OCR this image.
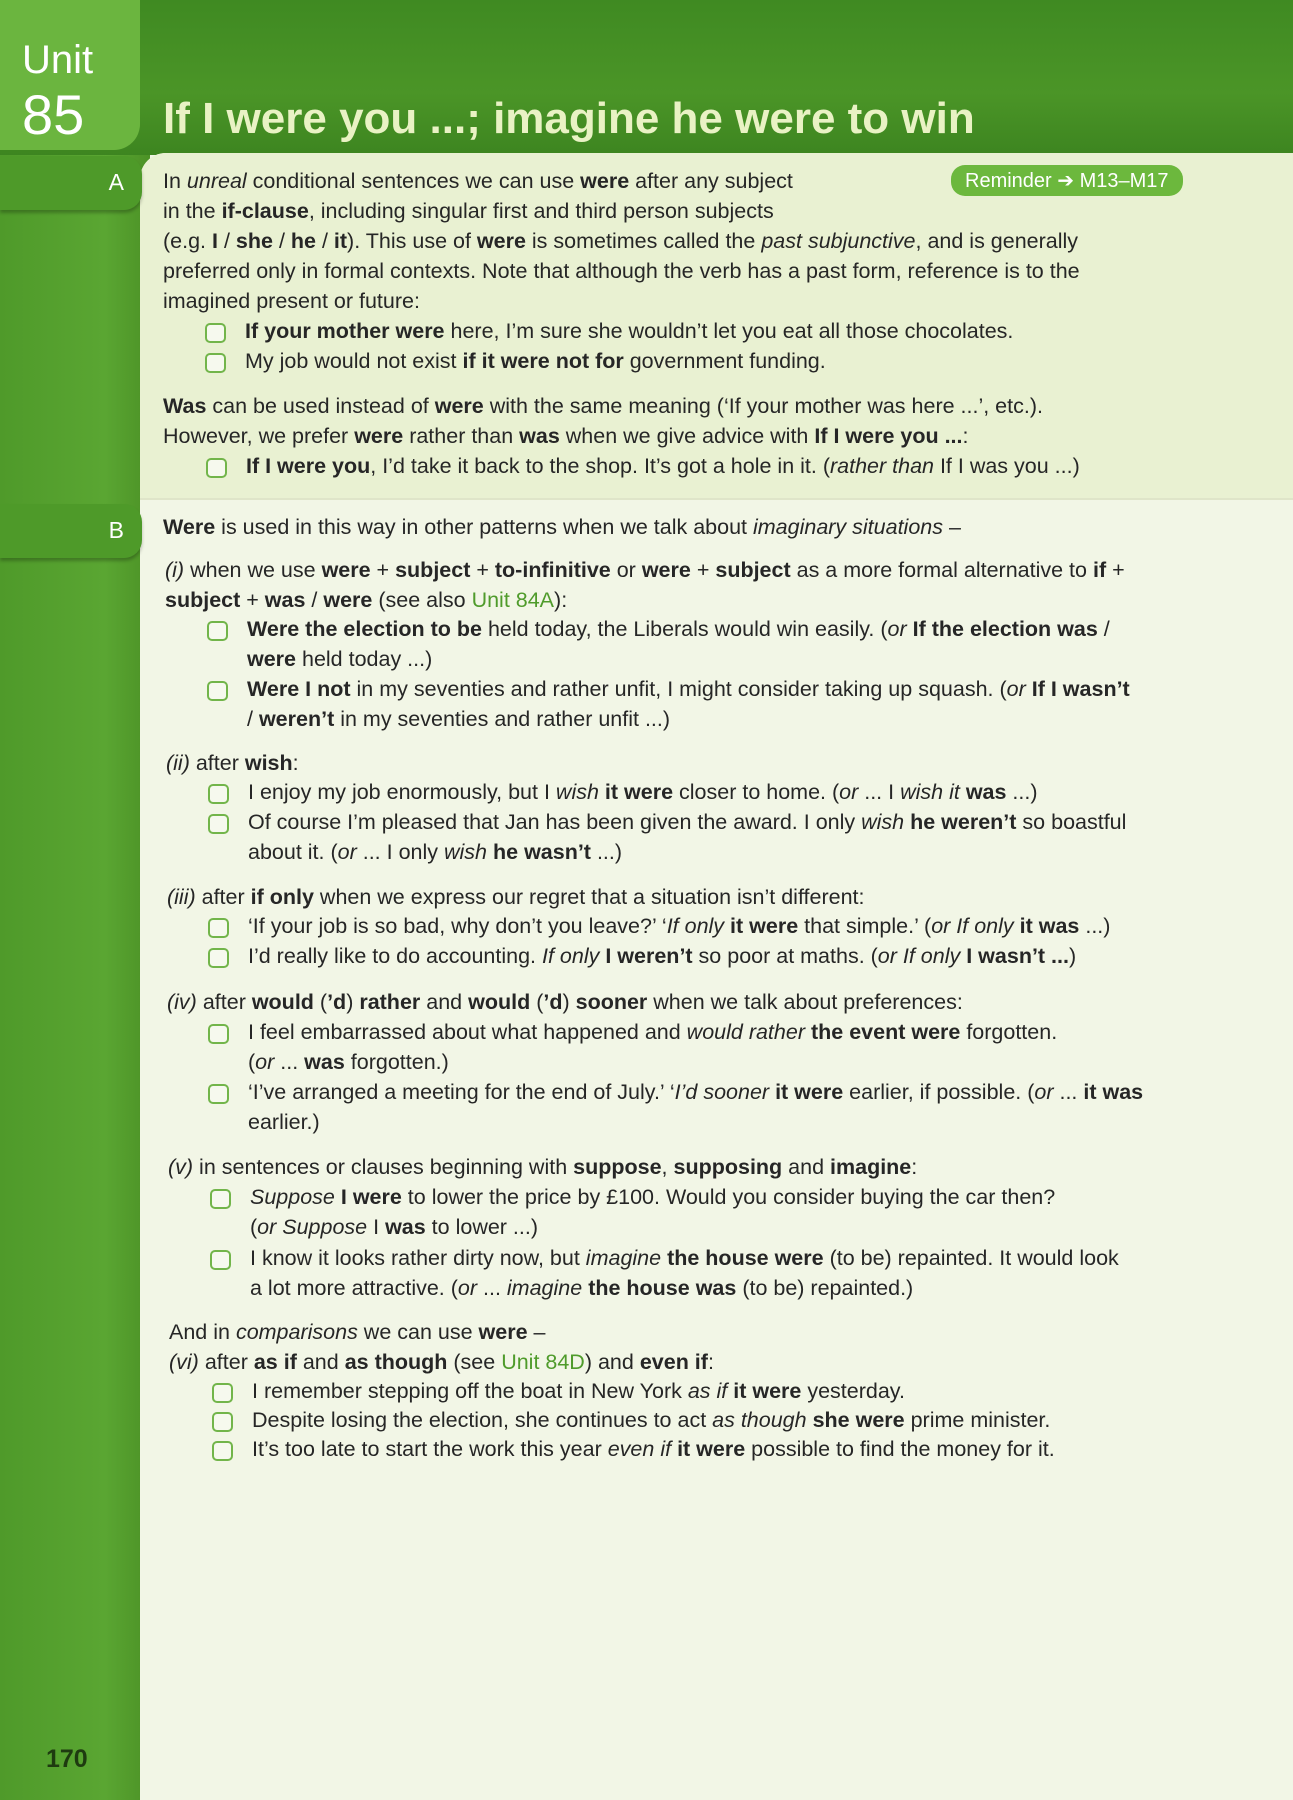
Unit
85 If I were you ...; imagine he were to win
A
B
Reminder ➔ M13–M17
In unreal conditional sentences we can use were after any subject
in the if-clause, including singular first and third person subjects
(e.g. I / she / he / it). This use of were is sometimes called the past subjunctive, and is generally
preferred only in formal contexts. Note that although the verb has a past form, reference is to the
imagined present or future:
If your mother were here, I’m sure she wouldn’t let you eat all those chocolates.
My job would not exist if it were not for government funding.
Was can be used instead of were with the same meaning (‘If your mother was here ...’, etc.).
However, we prefer were rather than was when we give advice with If I were you ...:
If I were you, I’d take it back to the shop. It’s got a hole in it. (rather than If I was you ...)
Were is used in this way in other patterns when we talk about imaginary situations –
(i) when we use were + subject + to-infinitive or were + subject as a more formal alternative to if +
subject + was / were (see also Unit 84A):
Were the election to be held today, the Liberals would win easily. (or If the election was /
were held today ...)
Were I not in my seventies and rather unfit, I might consider taking up squash. (or If I wasn’t
/ weren’t in my seventies and rather unfit ...)
(ii) after wish:
I enjoy my job enormously, but I wish it were closer to home. (or ... I wish it was ...)
Of course I’m pleased that Jan has been given the award. I only wish he weren’t so boastful
about it. (or ... I only wish he wasn’t ...)
(iii) after if only when we express our regret that a situation isn’t different:
‘If your job is so bad, why don’t you leave?’ ‘If only it were that simple.’ (or If only it was ...)
I’d really like to do accounting. If only I weren’t so poor at maths. (or If only I wasn’t ...)
(iv) after would (’d) rather and would (’d) sooner when we talk about preferences:
I feel embarrassed about what happened and would rather the event were forgotten.
(or ... was forgotten.)
‘I’ve arranged a meeting for the end of July.’ ‘I’d sooner it were earlier, if possible. (or ... it was
earlier.)
(v) in sentences or clauses beginning with suppose, supposing and imagine:
Suppose I were to lower the price by £100. Would you consider buying the car then?
(or Suppose I was to lower ...)
I know it looks rather dirty now, but imagine the house were (to be) repainted. It would look
a lot more attractive. (or ... imagine the house was (to be) repainted.)
And in comparisons we can use were –
(vi) after as if and as though (see Unit 84D) and even if:
I remember stepping off the boat in New York as if it were yesterday.
Despite losing the election, she continues to act as though she were prime minister.
It’s too late to start the work this year even if it were possible to find the money for it.
170
